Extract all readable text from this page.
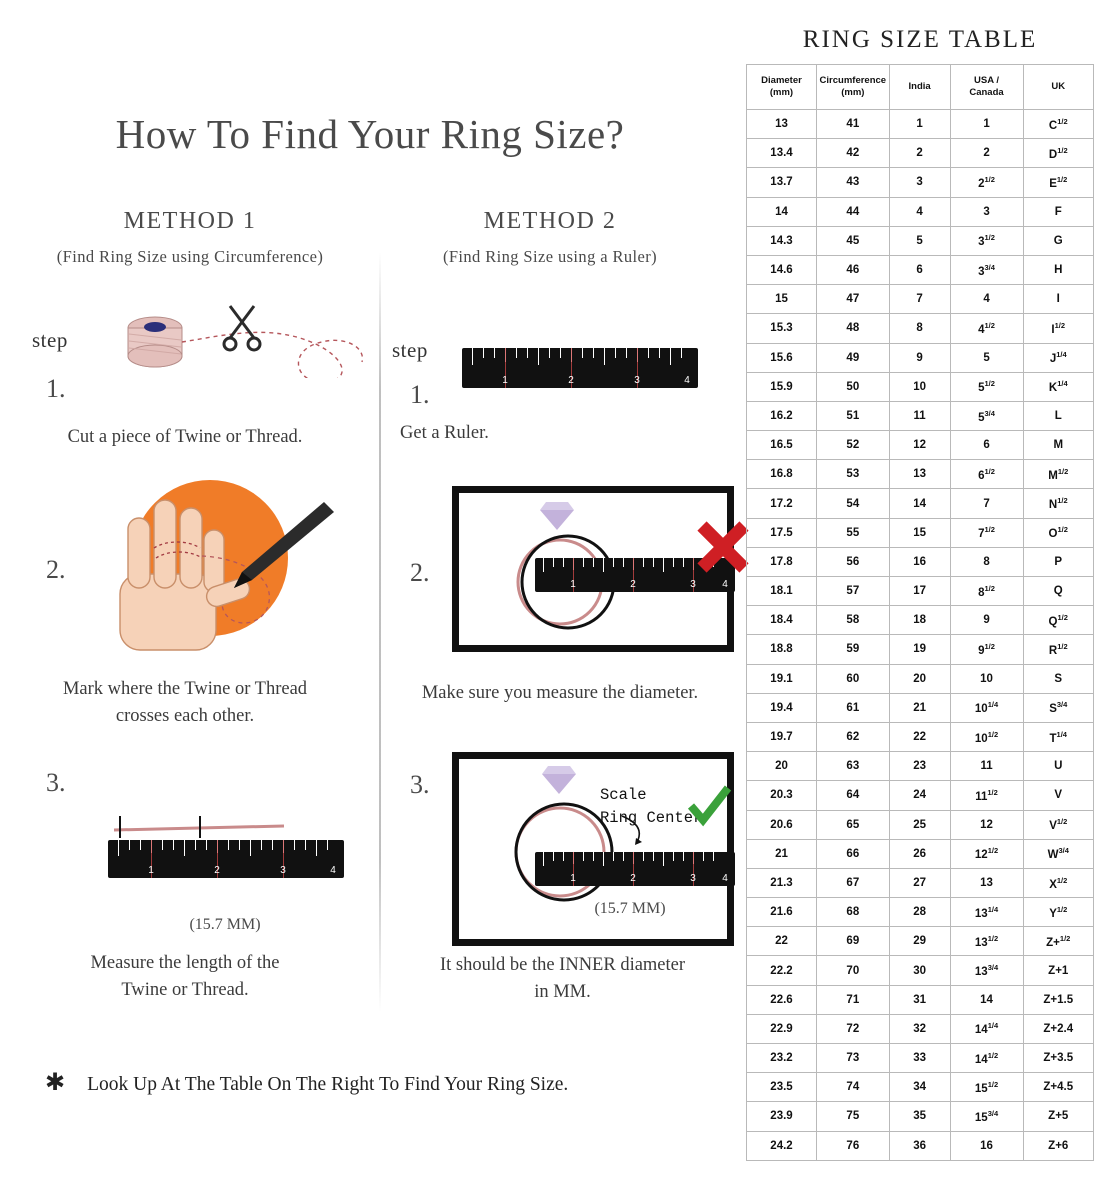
How To Find Your Ring Size?
METHOD 1
(Find Ring Size using Circumference)
step
1.
Cut a piece of Twine or Thread.
2.
Mark where the Twine or Thread
crosses each other.
3.
1	2	3	4
(15.7 MM)
Measure the length of the
Twine or Thread.
METHOD 2
(Find Ring Size using a Ruler)
step
1.	1	2	3	4
Get a Ruler.
2.	1	2	3	4
Make sure you measure the diameter.
3.	Scale
Ring Center
1	2	3	4
(15.7 MM)
It should be the INNER diameter
in MM.
✱ Look Up At The Table On The Right To Find Your Ring Size.
RING SIZE TABLE
Diameter
(mm)	Circumference
(mm)	India	USA /
Canada	UK
13	41	1	1	$C^{1/2}$
13.4	42	2	2	$D^{1/2}$
13.7	43	3	$2^{1/2}$	$E^{1/2}$
14	44	4	3	F
14.3	45	5	$3^{1/2}$	G
14.6	46	6	$3^{3/4}$	H
15	47	7	4	I
15.3	48	8	$4^{1/2}$	$I^{1/2}$
15.6	49	9	5	$J^{1/4}$
15.9	50	10	$5^{1/2}$	$K^{1/4}$
16.2	51	11	$5^{3/4}$	L
16.5	52	12	6	M
16.8	53	13	$6^{1/2}$	$M^{1/2}$
17.2	54	14	7	$N^{1/2}$
17.5	55	15	$7^{1/2}$	$O^{1/2}$
17.8	56	16	8	P
18.1	57	17	$8^{1/2}$	Q
18.4	58	18	9	$Q^{1/2}$
18.8	59	19	$9^{1/2}$	$R^{1/2}$
19.1	60	20	10	S
19.4	61	21	$10^{1/4}$	$S^{3/4}$
19.7	62	22	$10^{1/2}$	$T^{1/4}$
20	63	23	11	U
20.3	64	24	$11^{1/2}$	V
20.6	65	25	12	$V^{1/2}$
21	66	26	$12^{1/2}$	$W^{3/4}$
21.3	67	27	13	$X^{1/2}$
21.6	68	28	$13^{1/4}$	$Y^{1/2}$
22	69	29	$13^{1/2}$	Z+$^{1/2}$
22.2	70	30	$13^{3/4}$	Z+1
22.6	71	31	14	Z+1.5
22.9	72	32	$14^{1/4}$	Z+2.4
23.2	73	33	$14^{1/2}$	Z+3.5
23.5	74	34	$15^{1/2}$	Z+4.5
23.9	75	35	$15^{3/4}$	Z+5
24.2	76	36	16	Z+6
